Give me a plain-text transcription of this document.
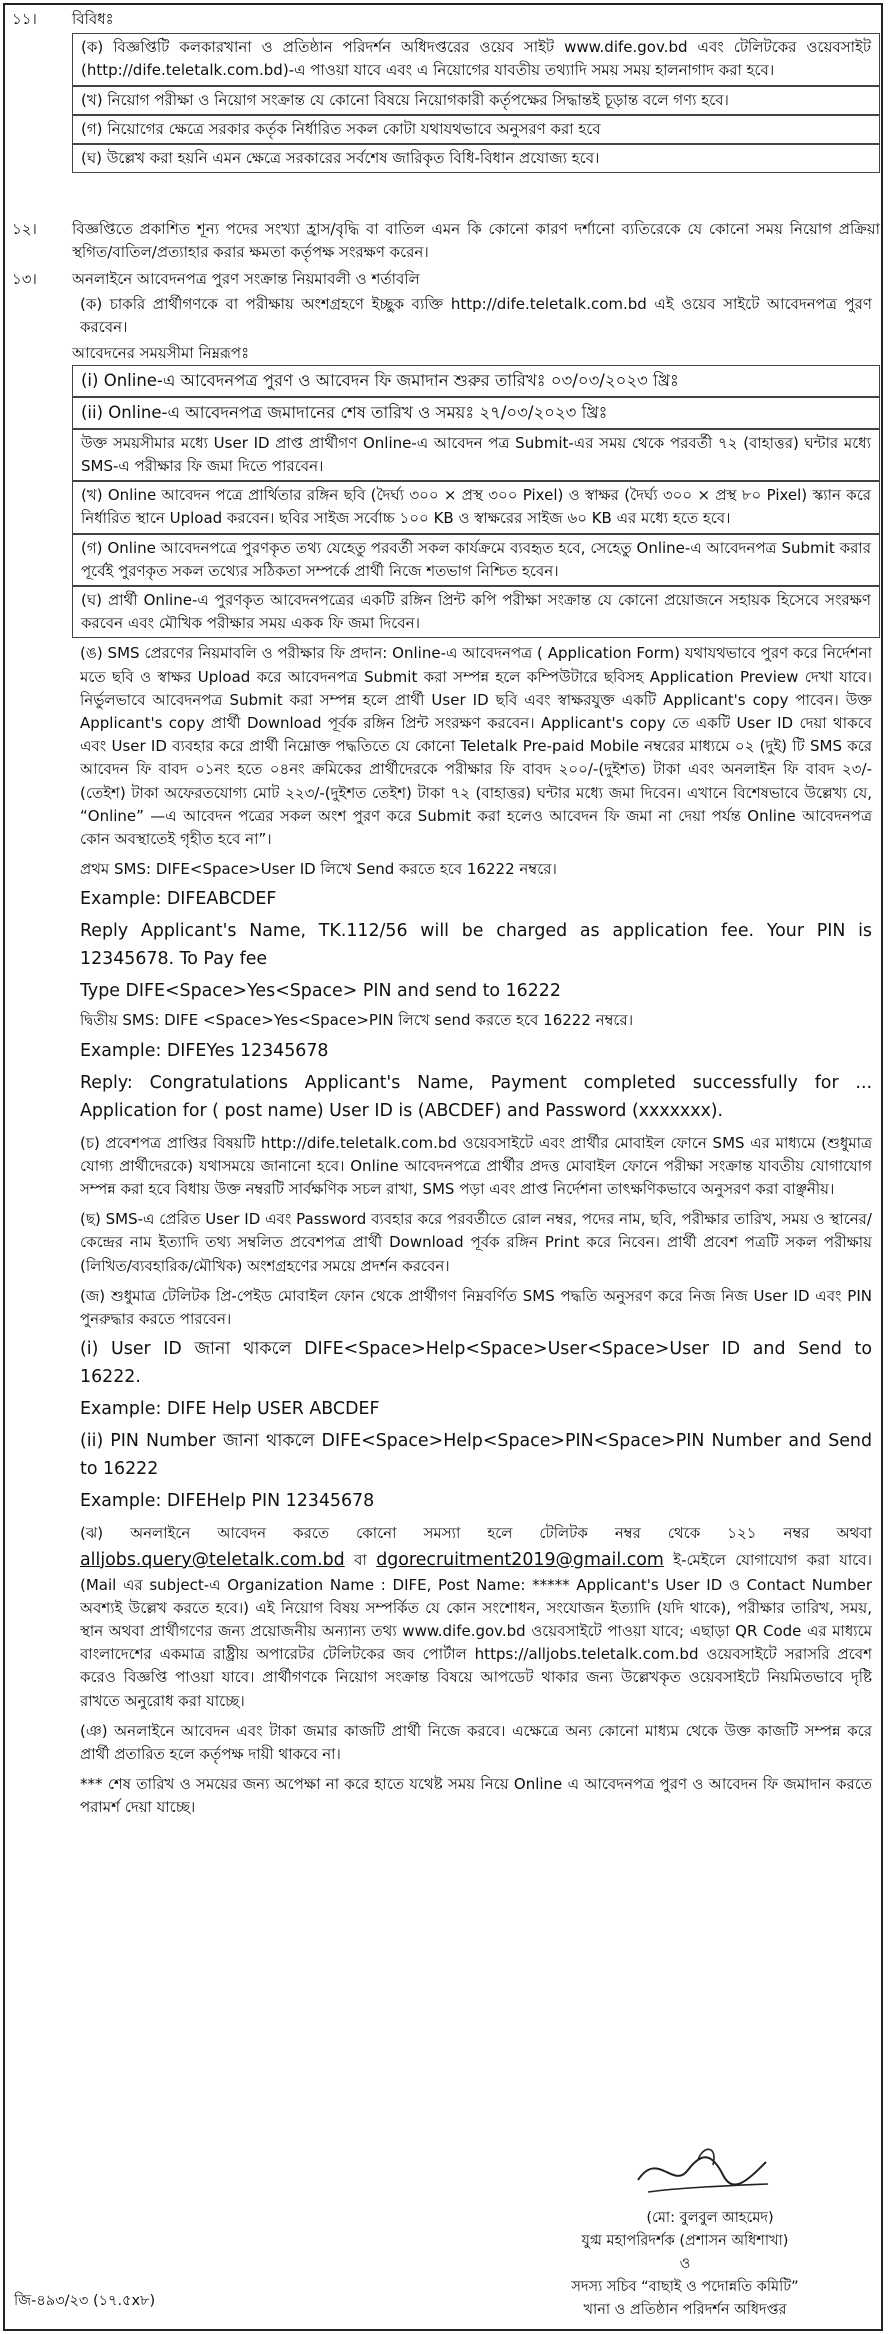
১১।	বিবিধঃ

(ক) বিজ্ঞপ্তিটি কলকারখানা ও প্রতিষ্ঠান পরিদর্শন অধিদপ্তরের ওয়েব সাইট www.dife.gov.bd এবং টেলিটকের ওয়েবসাইট (http://dife.teletalk.com.bd)-এ পাওয়া যাবে এবং এ নিয়োগের যাবতীয় তথ্যাদি সময় সময় হালনাগাদ করা হবে।

(খ) নিয়োগ পরীক্ষা ও নিয়োগ সংক্রান্ত যে কোনো বিষয়ে নিয়োগকারী কর্তৃপক্ষের সিদ্ধান্তই চূড়ান্ত বলে গণ্য হবে।

(গ) নিয়োগের ক্ষেত্রে সরকার কর্তৃক নির্ধারিত সকল কোটা যথাযথভাবে অনুসরণ করা হবে

(ঘ) উল্লেখ করা হয়নি এমন ক্ষেত্রে সরকারের সর্বশেষ জারিকৃত বিধি-বিধান প্রযোজ্য হবে।

১২।	বিজ্ঞপ্তিতে প্রকাশিত শূন্য পদের সংখ্যা হ্রাস/বৃদ্ধি বা বাতিল এমন কি কোনো কারণ দর্শানো ব্যতিরেকে যে কোনো সময় নিয়োগ প্রক্রিয়া স্থগিত/বাতিল/প্রত্যাহার করার ক্ষমতা কর্তৃপক্ষ সংরক্ষণ করেন।

১৩।	অনলাইনে আবেদনপত্র পুরণ সংক্রান্ত নিয়মাবলী ও শর্তাবলি

(ক) চাকরি প্রার্থীগণকে বা পরীক্ষায় অংশগ্রহণে ইচ্ছুক ব্যক্তি http://dife.teletalk.com.bd এই ওয়েব সাইটে আবেদনপত্র পুরণ করবেন।

আবেদনের সময়সীমা নিম্নরূপঃ

(i) Online-এ আবেদনপত্র পুরণ ও আবেদন ফি জমাদান শুরুর তারিখঃ ০৩/০৩/২০২৩ খ্রিঃ

(ii) Online-এ আবেদনপত্র জমাদানের শেষ তারিখ ও সময়ঃ ২৭/০৩/২০২৩ খ্রিঃ

উক্ত সময়সীমার মধ্যে User ID প্রাপ্ত প্রার্থীগণ Online-এ আবেদন পত্র Submit-এর সময় থেকে পরবর্তী ৭২ (বাহাত্তর) ঘন্টার মধ্যে SMS-এ পরীক্ষার ফি জমা দিতে পারবেন।

(খ) Online আবেদন পত্রে প্রার্থিতার রঙ্গিন ছবি (দৈর্ঘ্য ৩০০ × প্রস্থ ৩০০ Pixel) ও স্বাক্ষর (দৈর্ঘ্য ৩০০ × প্রস্থ ৮০ Pixel) স্ক্যান করে নির্ধারিত স্থানে Upload করবেন। ছবির সাইজ সর্বোচ্চ ১০০ KB ও স্বাক্ষরের সাইজ ৬০ KB এর মধ্যে হতে হবে।

(গ) Online আবেদনপত্রে পুরণকৃত তথ্য যেহেতু পরবর্তী সকল কার্যক্রমে ব্যবহৃত হবে, সেহেতু Online-এ আবেদনপত্র Submit করার পূর্বেই পুরণকৃত সকল তথ্যের সঠিকতা সম্পর্কে প্রার্থী নিজে শতভাগ নিশ্চিত হবেন।

(ঘ) প্রার্থী Online-এ পুরণকৃত আবেদনপত্রের একটি রঙ্গিন প্রিন্ট কপি পরীক্ষা সংক্রান্ত যে কোনো প্রয়োজনে সহায়ক হিসেবে সংরক্ষণ করবেন এবং মৌখিক পরীক্ষার সময় একক ফি জমা দিবেন।

(ঙ) SMS প্রেরণের নিয়মাবলি ও পরীক্ষার ফি প্রদান: Online-এ আবেদনপত্র ( Application Form) যথাযথভাবে পুরণ করে নির্দেশনা মতে ছবি ও স্বাক্ষর Upload করে আবেদনপত্র Submit করা সম্পন্ন হলে কম্পিউটারে ছবিসহ Application Preview দেখা যাবে। নির্ভুলভাবে আবেদনপত্র Submit করা সম্পন্ন হলে প্রার্থী User ID ছবি এবং স্বাক্ষরযুক্ত একটি Applicant's copy পাবেন। উক্ত Applicant's copy প্রার্থী Download পূর্বক রঙ্গিন প্রিন্ট সংরক্ষণ করবেন। Applicant's copy তে একটি User ID দেয়া থাকবে এবং User ID ব্যবহার করে প্রার্থী নিম্নোক্ত পদ্ধতিতে যে কোনো Teletalk Pre-paid Mobile নম্বরের মাধ্যমে ০২ (দুই) টি SMS করে আবেদন ফি বাবদ ০১নং হতে ০৪নং ক্রমিকের প্রার্থীদেরকে পরীক্ষার ফি বাবদ ২০০/-(দুইশত) টাকা এবং অনলাইন ফি বাবদ ২৩/-(তেইশ) টাকা অফেরতযোগ্য মোট ২২৩/-(দুইশত তেইশ) টাকা ৭২ (বাহাত্তর) ঘন্টার মধ্যে জমা দিবেন। এখানে বিশেষভাবে উল্লেখ্য যে, “Online” —এ আবেদন পত্রের সকল অংশ পুরণ করে Submit করা হলেও আবেদন ফি জমা না দেয়া পর্যন্ত Online আবেদনপত্র কোন অবস্থাতেই গৃহীত হবে না”।

প্রথম SMS: DIFE<Space>User ID লিখে Send করতে হবে 16222 নম্বরে।

Example: DIFEABCDEF

Reply Applicant's Name, TK.112/56 will be charged as application fee. Your PIN is 12345678. To Pay fee

Type DIFE<Space>Yes<Space> PIN and send to 16222

দ্বিতীয় SMS: DIFE <Space>Yes<Space>PIN লিখে send করতে হবে 16222 নম্বরে।

Example: DIFEYes 12345678

Reply: Congratulations Applicant's Name, Payment completed successfully for ... Application for ( post name) User ID is (ABCDEF) and Password (xxxxxxx).

(চ) প্রবেশপত্র প্রাপ্তির বিষয়টি http://dife.teletalk.com.bd ওয়েবসাইটে এবং প্রার্থীর মোবাইল ফোনে SMS এর মাধ্যমে (শুধুমাত্র যোগ্য প্রার্থীদেরকে) যথাসময়ে জানানো হবে। Online আবেদনপত্রে প্রার্থীর প্রদত্ত মোবাইল ফোনে পরীক্ষা সংক্রান্ত যাবতীয় যোগাযোগ সম্পন্ন করা হবে বিধায় উক্ত নম্বরটি সার্বক্ষণিক সচল রাখা, SMS পড়া এবং প্রাপ্ত নির্দেশনা তাৎক্ষণিকভাবে অনুসরণ করা বাঞ্ছনীয়।

(ছ) SMS-এ প্রেরিত User ID এবং Password ব্যবহার করে পরবর্তীতে রোল নম্বর, পদের নাম, ছবি, পরীক্ষার তারিখ, সময় ও স্থানের/কেন্দ্রের নাম ইত্যাদি তথ্য সম্বলিত প্রবেশপত্র প্রার্থী Download পূর্বক রঙ্গিন Print করে নিবেন। প্রার্থী প্রবেশ পত্রটি সকল পরীক্ষায় (লিখিত/ব্যবহারিক/মৌখিক) অংশগ্রহণের সময়ে প্রদর্শন করবেন।

(জ) শুধুমাত্র টেলিটক প্রি-পেইড মোবাইল ফোন থেকে প্রার্থীগণ নিম্নবর্ণিত SMS পদ্ধতি অনুসরণ করে নিজ নিজ User ID এবং PIN পুনরুদ্ধার করতে পারবেন।

(i) User ID জানা থাকলে DIFE<Space>Help<Space>User<Space>User ID and Send to 16222.

Example: DIFE Help USER ABCDEF

(ii) PIN Number জানা থাকলে DIFE<Space>Help<Space>PIN<Space>PIN Number and Send to 16222

Example: DIFEHelp PIN 12345678

(ঝ) অনলাইনে আবেদন করতে কোনো সমস্যা হলে টেলিটক নম্বর থেকে ১২১ নম্বর অথবা alljobs.query@teletalk.com.bd বা dgorecruitment2019@gmail.com ই-মেইলে যোগাযোগ করা যাবে। (Mail এর subject-এ Organization Name : DIFE, Post Name: ***** Applicant's User ID ও Contact Number অবশ্যই উল্লেখ করতে হবে।) এই নিয়োগ বিষয় সম্পর্কিত যে কোন সংশোধন, সংযোজন ইত্যাদি (যদি থাকে), পরীক্ষার তারিখ, সময়, স্থান অথবা প্রার্থীগণের জন্য প্রয়োজনীয় অন্যান্য তথ্য www.dife.gov.bd ওয়েবসাইটে পাওয়া যাবে; এছাড়া QR Code এর মাধ্যমে বাংলাদেশের একমাত্র রাষ্ট্রীয় অপারেটর টেলিটকের জব পোর্টাল https://alljobs.teletalk.com.bd ওয়েবসাইটে সরাসরি প্রবেশ করেও বিজ্ঞপ্তি পাওয়া যাবে। প্রার্থীগণকে নিয়োগ সংক্রান্ত বিষয়ে আপডেট থাকার জন্য উল্লেখকৃত ওয়েবসাইটে নিয়মিতভাবে দৃষ্টি রাখতে অনুরোধ করা যাচ্ছে।

(ঞ) অনলাইনে আবেদন এবং টাকা জমার কাজটি প্রার্থী নিজে করবে। এক্ষেত্রে অন্য কোনো মাধ্যম থেকে উক্ত কাজটি সম্পন্ন করে প্রার্থী প্রতারিত হলে কর্তৃপক্ষ দায়ী থাকবে না।

*** শেষ তারিখ ও সময়ের জন্য অপেক্ষা না করে হাতে যথেষ্ট সময় নিয়ে Online এ আবেদনপত্র পুরণ ও আবেদন ফি জমাদান করতে পরামর্শ দেয়া যাচ্ছে।

(মো: বুলবুল আহমেদ)
যুগ্ম মহাপরিদর্শক (প্রশাসন অধিশাখা)
ও
সদস্য সচিব “বাছাই ও পদোন্নতি কমিটি”
খানা ও প্রতিষ্ঠান পরিদর্শন অধিদপ্তর
জি-৪৯৩/২৩ (১৭.৫x৮)
